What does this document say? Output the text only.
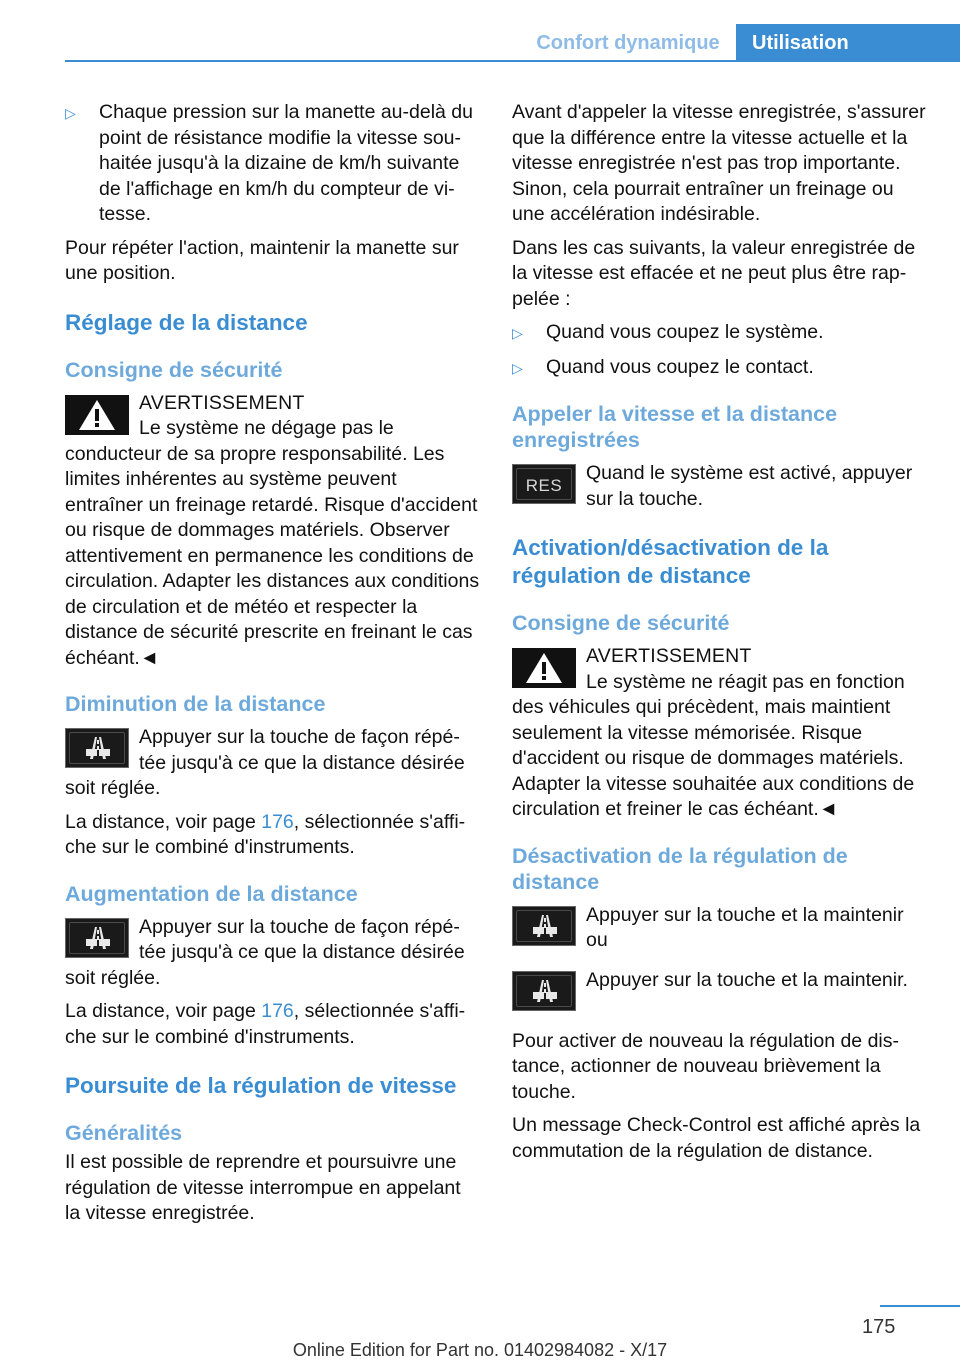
Confort dynamique	Utilisation
▷	Chaque pression sur la manette au-delà du point de résistance modifie la vitesse souhaitée jusqu'à la dizaine de km/h suivante de l'affichage en km/h du compteur de vitesse.

Pour répéter l'action, maintenir la manette sur une position.

Réglage de la distance
Consigne de sécurité
AVERTISSEMENT
Le système ne dégage pas le conducteur de sa propre responsabilité. Les limites inhérentes au système peuvent entraîner un freinage retardé. Risque d'accident ou risque de dommages matériels. Observer attentivement en permanence les conditions de circulation. Adapter les distances aux conditions de circulation et de météo et respecter la distance de sécurité prescrite en freinant le cas échéant.◄
Diminution de la distance
Appuyer sur la touche de façon répétée jusqu'à ce que la distance désirée soit réglée.

La distance, voir page 176, sélectionnée s'affiche sur le combiné d'instruments.

Augmentation de la distance
Appuyer sur la touche de façon répétée jusqu'à ce que la distance désirée soit réglée.

La distance, voir page 176, sélectionnée s'affiche sur le combiné d'instruments.

Poursuite de la régulation de vitesse
Généralités

Il est possible de reprendre et poursuivre une régulation de vitesse interrompue en appelant la vitesse enregistrée.

Avant d'appeler la vitesse enregistrée, s'assurer que la différence entre la vitesse actuelle et la vitesse enregistrée n'est pas trop importante. Sinon, cela pourrait entraîner un freinage ou une accélération indésirable.

Dans les cas suivants, la valeur enregistrée de la vitesse est effacée et ne peut plus être rappelée :

▷	Quand vous coupez le système.
▷	Quand vous coupez le contact.
Appeler la vitesse et la distance enregistrées
RES
Quand le système est activé, appuyer sur la touche.
Activation/désactivation de la régulation de distance
Consigne de sécurité
AVERTISSEMENT
Le système ne réagit pas en fonction des véhicules qui précèdent, mais maintient seulement la vitesse mémorisée. Risque d'accident ou risque de dommages matériels. Adapter la vitesse souhaitée aux conditions de circulation et freiner le cas échéant.◄
Désactivation de la régulation de distance
Appuyer sur la touche et la maintenir ou
Appuyer sur la touche et la maintenir.

Pour activer de nouveau la régulation de distance, actionner de nouveau brièvement la touche.

Un message Check-Control est affiché après la commutation de la régulation de distance.

175
Online Edition for Part no. 01402984082 - X/17
